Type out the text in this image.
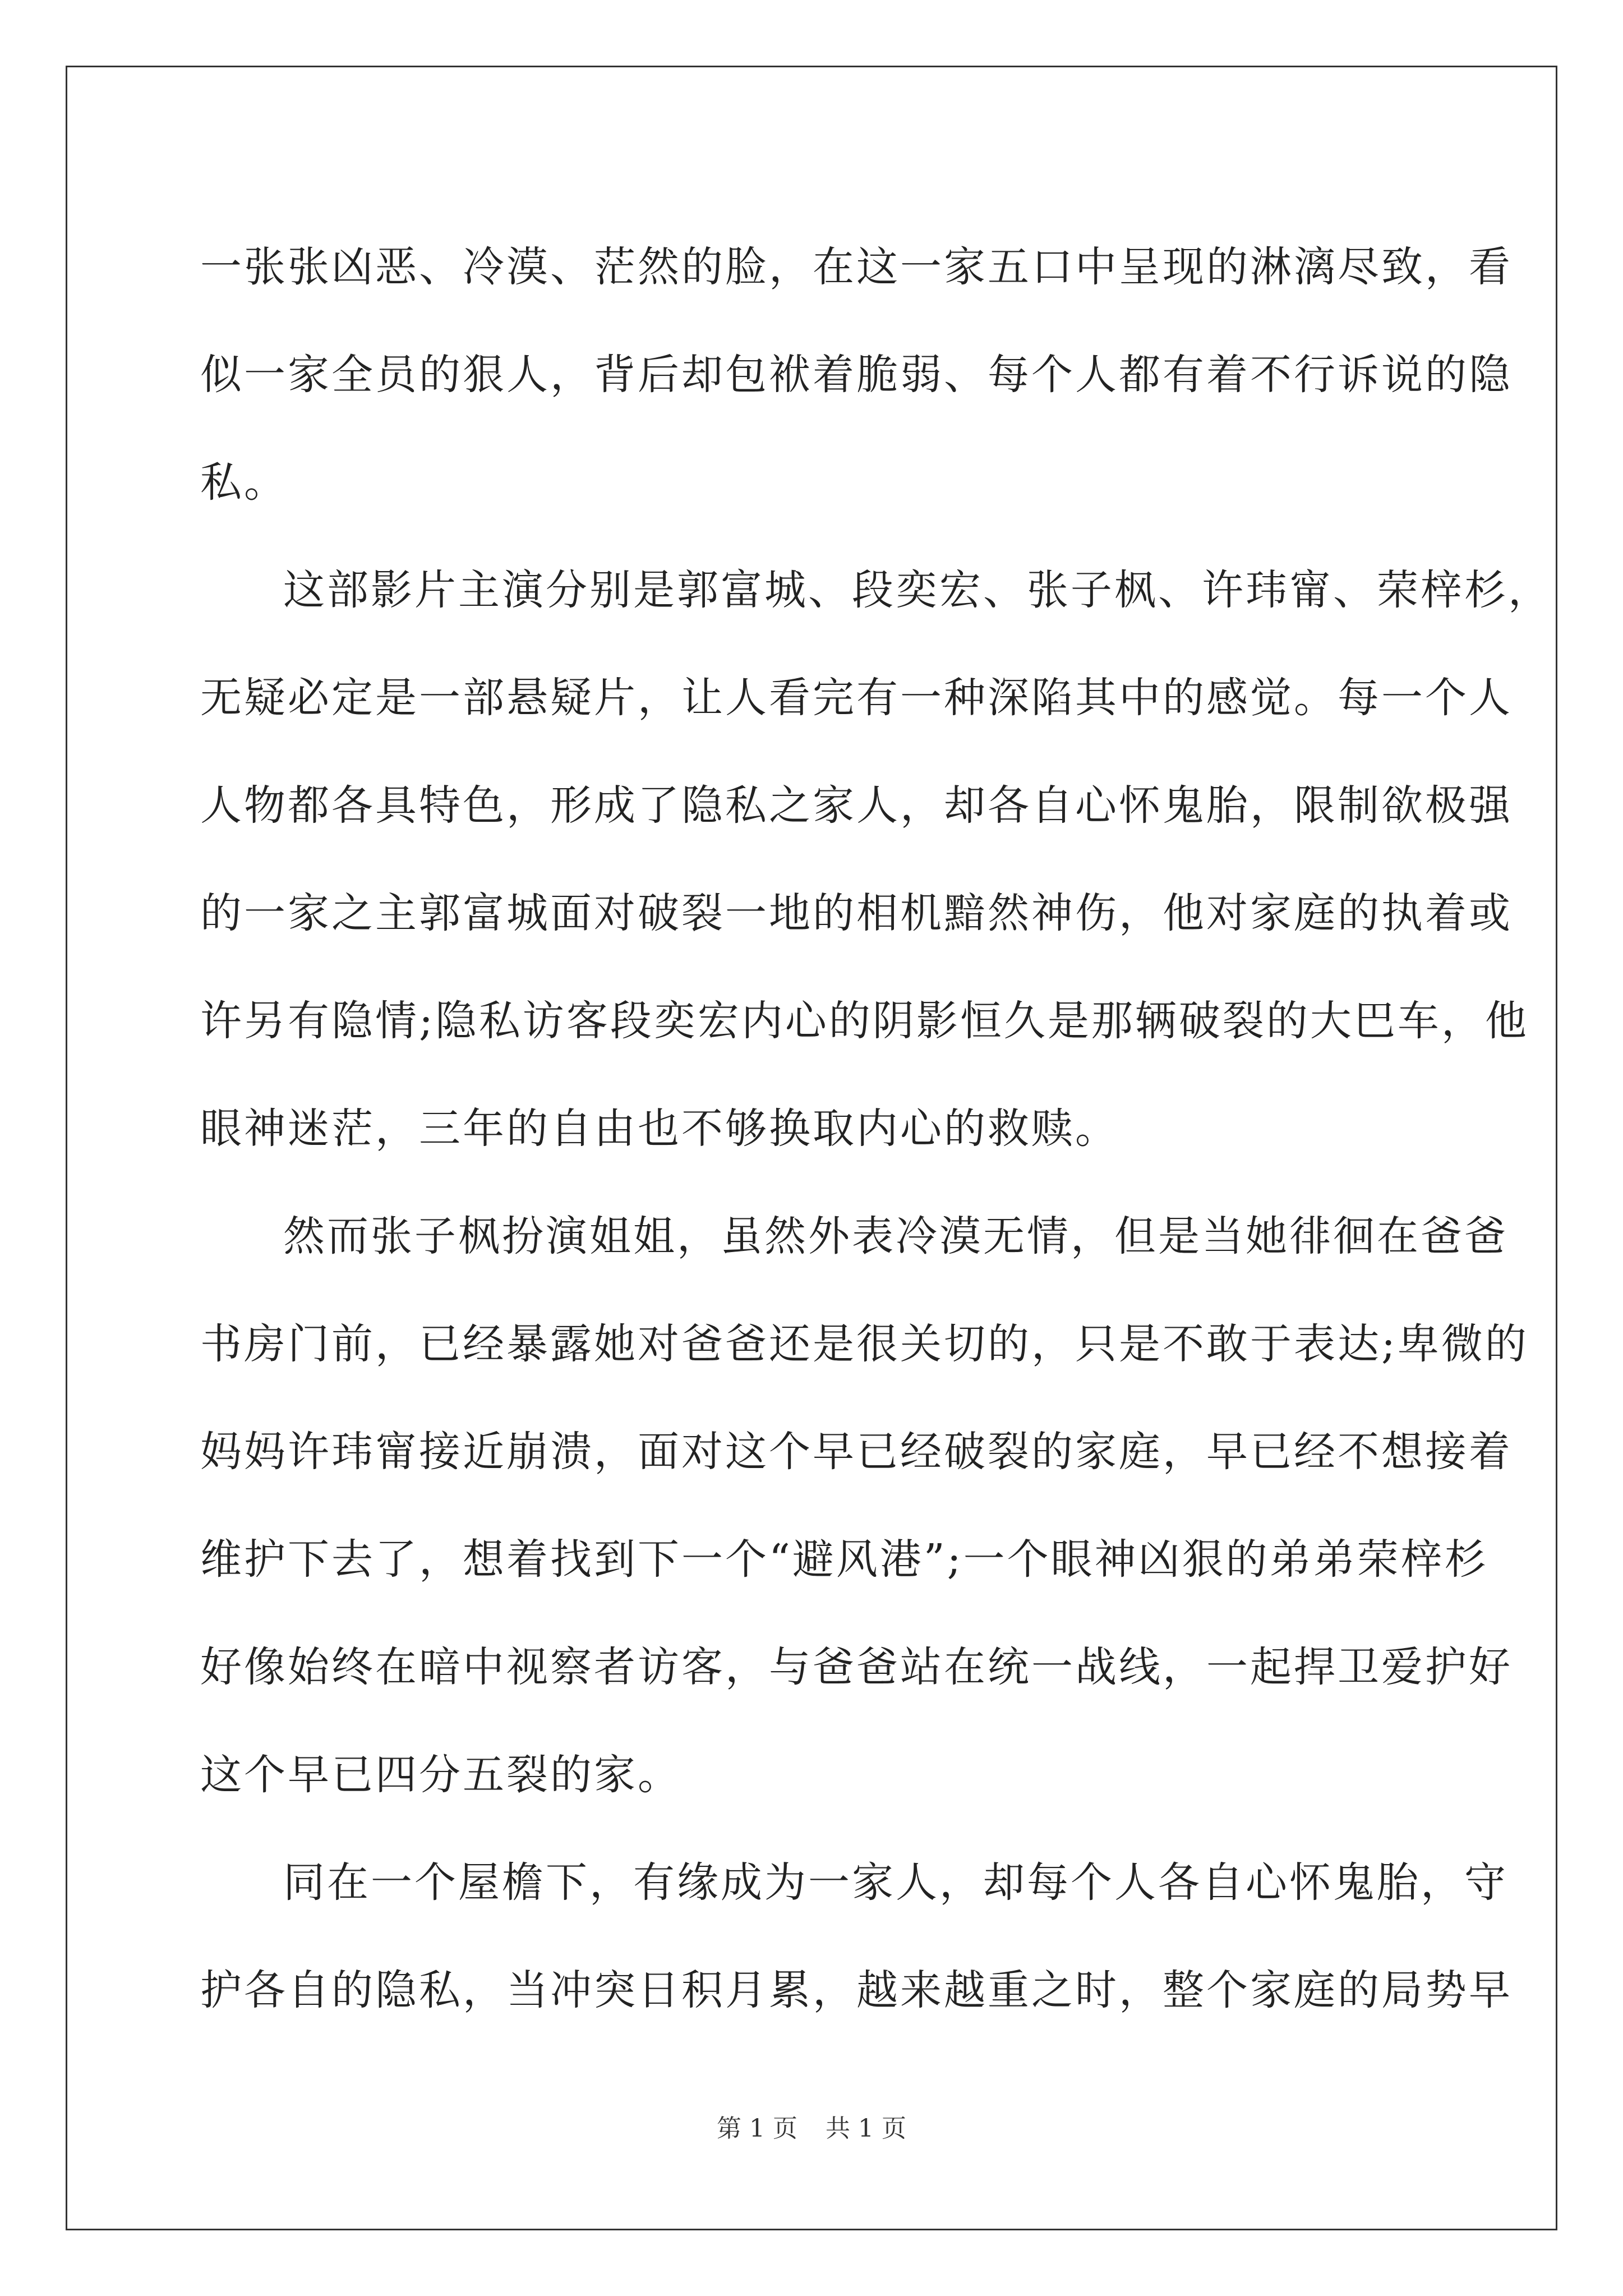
一张张凶恶、冷漠、茫然的脸，在这一家五口中呈现的淋漓尽致，看
似一家全员的狠人，背后却包袱着脆弱、每个人都有着不行诉说的隐
私。
这部影片主演分别是郭富城、段奕宏、张子枫、许玮甯、荣梓杉，
无疑必定是一部悬疑片，让人看完有一种深陷其中的感觉。每一个人
人物都各具特色，形成了隐私之家人，却各自心怀鬼胎，限制欲极强
的一家之主郭富城面对破裂一地的相机黯然神伤，他对家庭的执着或
许另有隐情;隐私访客段奕宏内心的阴影恒久是那辆破裂的大巴车，他
眼神迷茫，三年的自由也不够换取内心的救赎。
然而张子枫扮演姐姐，虽然外表冷漠无情，但是当她徘徊在爸爸
书房门前，已经暴露她对爸爸还是很关切的，只是不敢于表达;卑微的
妈妈许玮甯接近崩溃，面对这个早已经破裂的家庭，早已经不想接着
维护下去了，想着找到下一个“避风港”;一个眼神凶狠的弟弟荣梓杉
好像始终在暗中视察者访客，与爸爸站在统一战线，一起捍卫爱护好
这个早已四分五裂的家。
同在一个屋檐下，有缘成为一家人，却每个人各自心怀鬼胎，守
护各自的隐私，当冲突日积月累，越来越重之时，整个家庭的局势早
第 1 页 共 1 页
